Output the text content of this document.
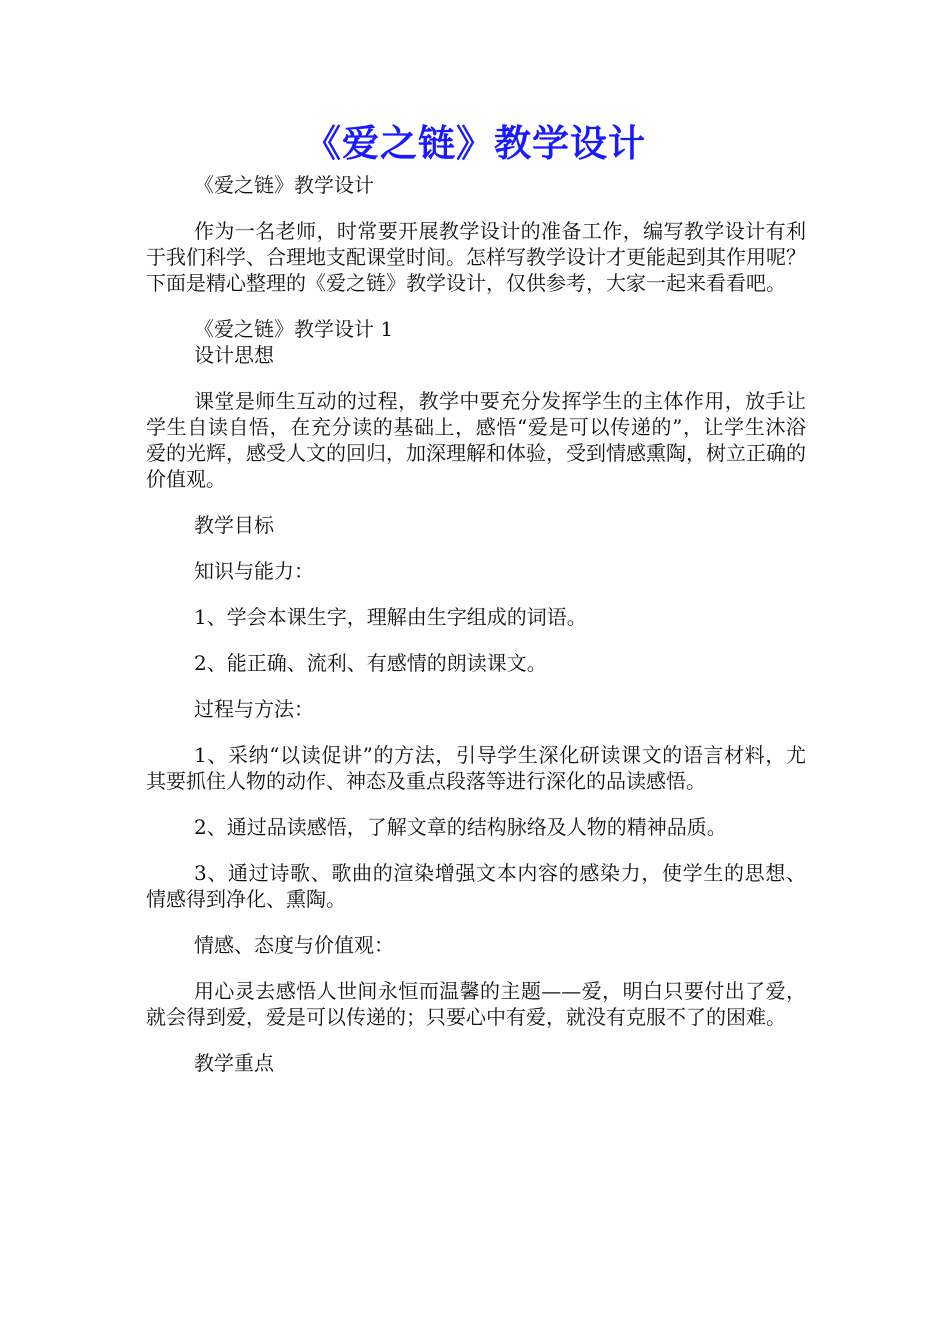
《爱之链》教学设计

《爱之链》教学设计

作为一名老师，时常要开展教学设计的准备工作，编写教学设计有利于我们科学、合理地支配课堂时间。怎样写教学设计才更能起到其作用呢？下面是精心整理的《爱之链》教学设计，仅供参考，大家一起来看看吧。

《爱之链》教学设计 1

设计思想

课堂是师生互动的过程，教学中要充分发挥学生的主体作用，放手让学生自读自悟，在充分读的基础上，感悟“爱是可以传递的”，让学生沐浴爱的光辉，感受人文的回归，加深理解和体验，受到情感熏陶，树立正确的价值观。

教学目标

知识与能力：

1、学会本课生字，理解由生字组成的词语。

2、能正确、流利、有感情的朗读课文。

过程与方法：

1、采纳“以读促讲”的方法，引导学生深化研读课文的语言材料，尤其要抓住人物的动作、神态及重点段落等进行深化的品读感悟。

2、通过品读感悟，了解文章的结构脉络及人物的精神品质。

3、通过诗歌、歌曲的渲染增强文本内容的感染力，使学生的思想、情感得到净化、熏陶。

情感、态度与价值观：

用心灵去感悟人世间永恒而温馨的主题——爱，明白只要付出了爱，就会得到爱，爱是可以传递的；只要心中有爱，就没有克服不了的困难。

教学重点
